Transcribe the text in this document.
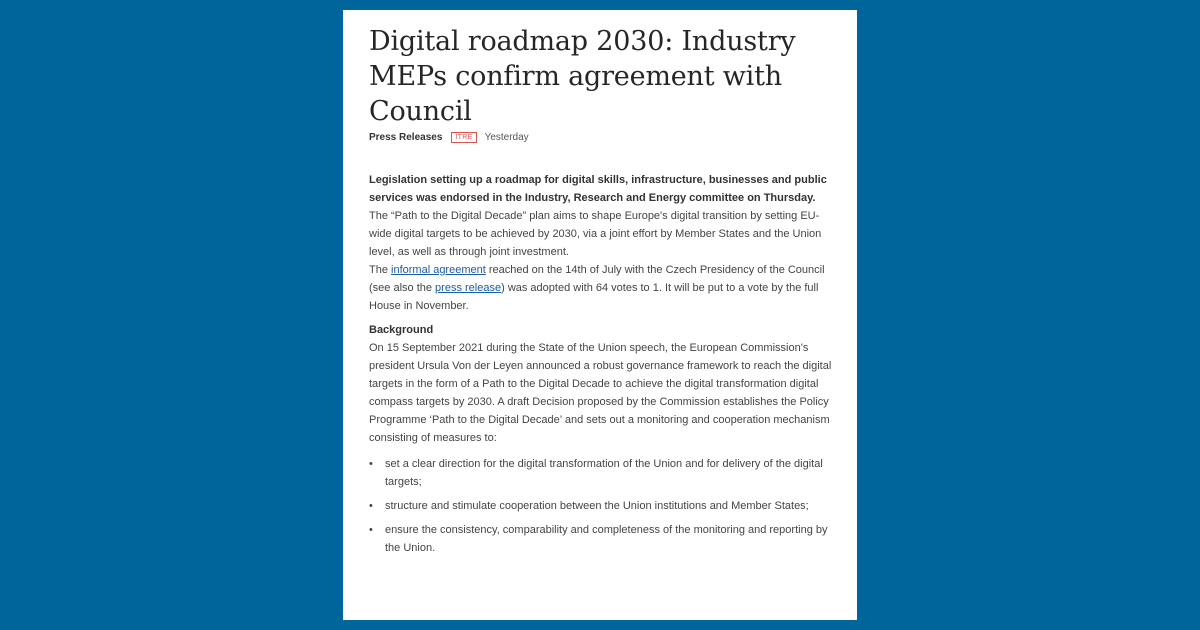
Digital roadmap 2030: Industry MEPs confirm agreement with Council
Press Releases	ITRE	Yesterday

Legislation setting up a roadmap for digital skills, infrastructure, businesses and public services was endorsed in the Industry, Research and Energy committee on Thursday.

The “Path to the Digital Decade” plan aims to shape Europe's digital transition by setting EU-wide digital targets to be achieved by 2030, via a joint effort by Member States and the Union level, as well as through joint investment.

The informal agreement reached on the 14th of July with the Czech Presidency of the Council (see also the press release) was adopted with 64 votes to 1. It will be put to a vote by the full House in November.

Background

On 15 September 2021 during the State of the Union speech, the European Commission's president Ursula Von der Leyen announced a robust governance framework to reach the digital targets in the form of a Path to the Digital Decade to achieve the digital transformation digital compass targets by 2030. A draft Decision proposed by the Commission establishes the Policy Programme ‘Path to the Digital Decade’ and sets out a monitoring and cooperation mechanism consisting of measures to:

• set a clear direction for the digital transformation of the Union and for delivery of the digital targets;
• structure and stimulate cooperation between the Union institutions and Member States;
• ensure the consistency, comparability and completeness of the monitoring and reporting by the Union.
